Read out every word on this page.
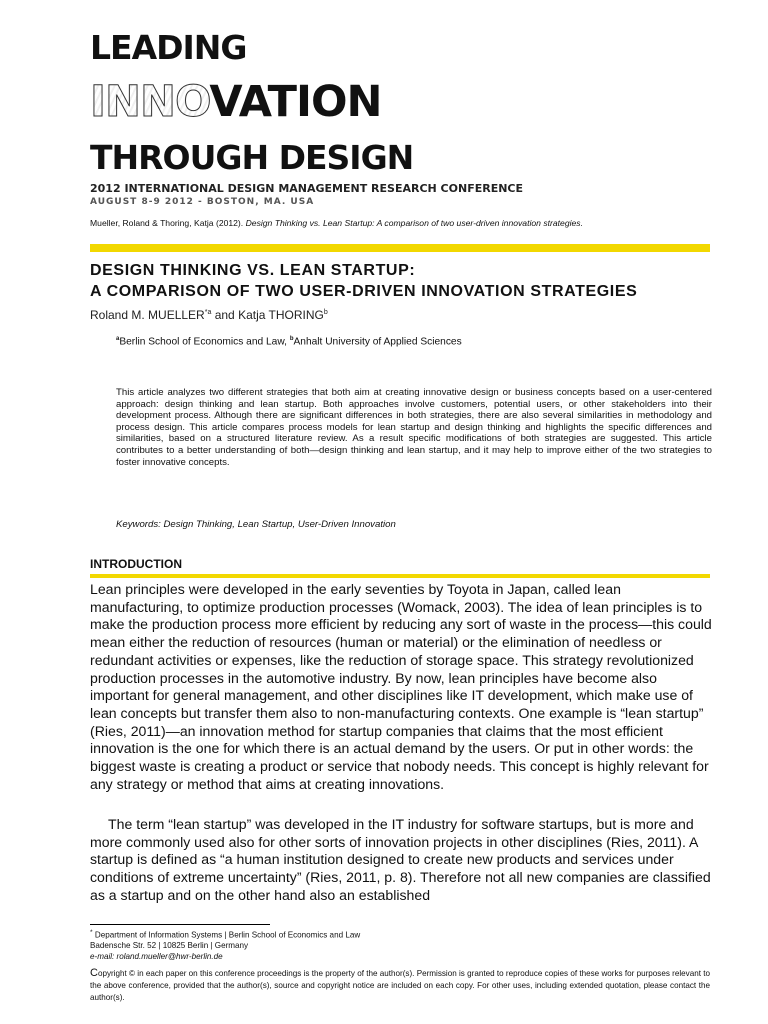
LEADING
INNOVATION
THROUGH DESIGN
2012 INTERNATIONAL DESIGN MANAGEMENT RESEARCH CONFERENCE
AUGUST 8-9 2012 - BOSTON, MA. USA
Mueller, Roland & Thoring, Katja (2012). Design Thinking vs. Lean Startup: A comparison of two user-driven innovation strategies.
DESIGN THINKING VS. LEAN STARTUP:
A COMPARISON OF TWO USER-DRIVEN INNOVATION STRATEGIES
Roland M. MUELLER$^{*a}$ and Katja THORING$^b$
$^a$Berlin School of Economics and Law, $^b$Anhalt University of Applied Sciences
This article analyzes two different strategies that both aim at creating innovative design or business concepts based on a user-centered approach: design thinking and lean startup. Both approaches involve customers, potential users, or other stakeholders into their development process. Although there are significant differences in both strategies, there are also several similarities in methodology and process design. This article compares process models for lean startup and design thinking and highlights the specific differences and similarities, based on a structured literature review. As a result specific modifications of both strategies are suggested. This article contributes to a better understanding of both—design thinking and lean startup, and it may help to improve either of the two strategies to foster innovative concepts.
Keywords: Design Thinking, Lean Startup, User-Driven Innovation
INTRODUCTION
Lean principles were developed in the early seventies by Toyota in Japan, called lean manufacturing, to optimize production processes (Womack, 2003). The idea of lean principles is to make the production process more efficient by reducing any sort of waste in the process—this could mean either the reduction of resources (human or material) or the elimination of needless or redundant activities or expenses, like the reduction of storage space. This strategy revolutionized production processes in the automotive industry. By now, lean principles have become also important for general management, and other disciplines like IT development, which make use of lean concepts but transfer them also to non-manufacturing contexts. One example is “lean startup” (Ries, 2011)—an innovation method for startup companies that claims that the most efficient innovation is the one for which there is an actual demand by the users. Or put in other words: the biggest waste is creating a product or service that nobody needs. This concept is highly relevant for any strategy or method that aims at creating innovations.
The term “lean startup” was developed in the IT industry for software startups, but is more and more commonly used also for other sorts of innovation projects in other disciplines (Ries, 2011). A startup is defined as “a human institution designed to create new products and services under conditions of extreme uncertainty” (Ries, 2011, p. 8). Therefore not all new companies are classified as a startup and on the other hand also an established
* Department of Information Systems | Berlin School of Economics and Law
Badensche Str. 52 | 10825 Berlin | Germany
e-mail: roland.mueller@hwr-berlin.de
Copyright © in each paper on this conference proceedings is the property of the author(s). Permission is granted to reproduce copies of these works for purposes relevant to the above conference, provided that the author(s), source and copyright notice are included on each copy. For other uses, including extended quotation, please contact the author(s).
